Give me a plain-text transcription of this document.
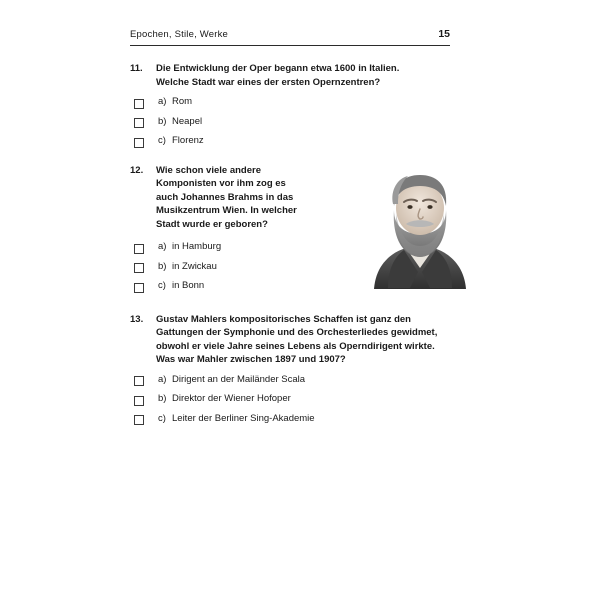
Epochen, Stile, Werke	15
11.	Die Entwicklung der Oper begann etwa 1600 in Italien. Welche Stadt war eines der ersten Opernzentren?
a) Rom
b) Neapel
c) Florenz
12.	Wie schon viele andere Komponisten vor ihm zog es auch Johannes Brahms in das Musikzentrum Wien. In welcher Stadt wurde er geboren?
a) in Hamburg
b) in Zwickau
c) in Bonn
13.	Gustav Mahlers kompositorisches Schaffen ist ganz den Gattungen der Symphonie und des Orchesterliedes gewidmet, obwohl er viele Jahre seines Lebens als Operndirigent wirkte. Was war Mahler zwischen 1897 und 1907?
a) Dirigent an der Mailänder Scala
b) Direktor der Wiener Hofoper
c) Leiter der Berliner Sing-Akademie
